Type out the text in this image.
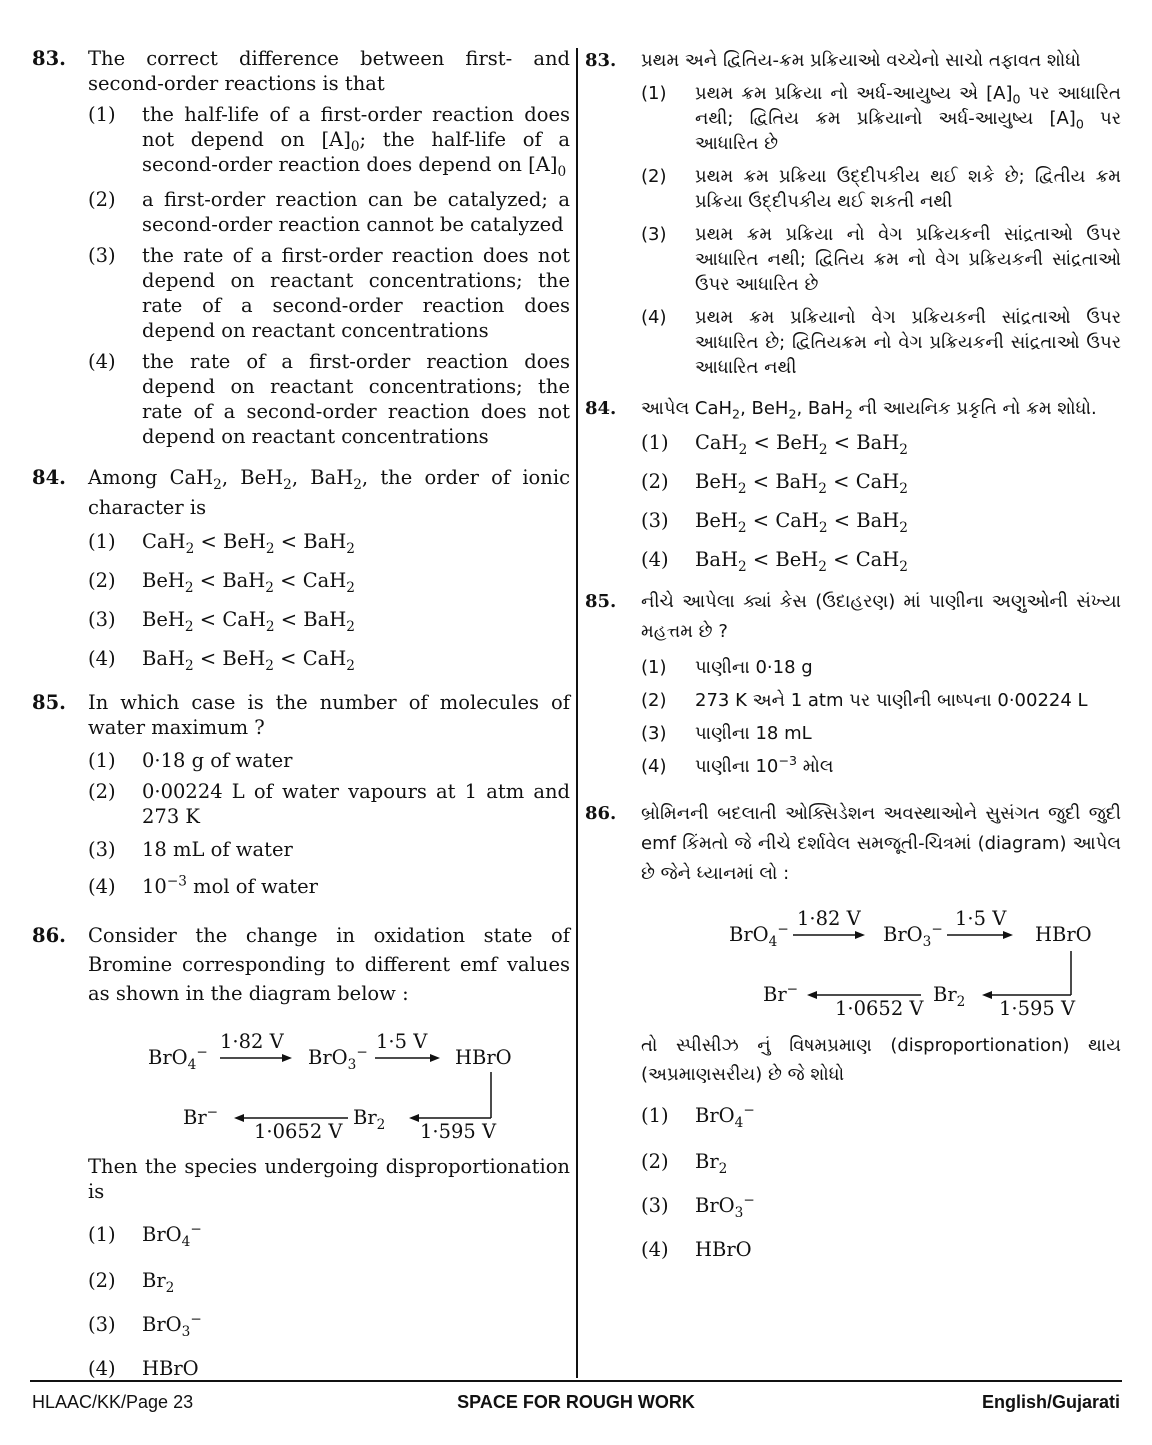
83. The correct difference between first- and second-order reactions is that
(1) the half-life of a first-order reaction does not depend on $[A]_0$; the half-life of a second-order reaction does depend on $[A]_0$
(2) a first-order reaction can be catalyzed; a second-order reaction cannot be catalyzed
(3) the rate of a first-order reaction does not depend on reactant concentrations; the rate of a second-order reaction does depend on reactant concentrations
(4) the rate of a first-order reaction does depend on reactant concentrations; the rate of a second-order reaction does not depend on reactant concentrations
84. Among CaH$_2$, BeH$_2$, BaH$_2$, the order of ionic character is
(1) CaH$_2$ < BeH$_2$ < BaH$_2$
(2) BeH$_2$ < BaH$_2$ < CaH$_2$
(3) BeH$_2$ < CaH$_2$ < BaH$_2$
(4) BaH$_2$ < BeH$_2$ < CaH$_2$
85. In which case is the number of molecules of water maximum ?
(1) 0·18 g of water
(2) 0·00224 L of water vapours at 1 atm and 273 K
(3) 18 mL of water
(4) $10^{-3}$ mol of water
86. Consider the change in oxidation state of Bromine corresponding to different emf values as shown in the diagram below :
BrO$_4$− 1·82 V
BrO$_3$− 1·5 V
HBrO
Br−
1·0652 V
$Br_2$ 1·595 V
Then the species undergoing disproportionation is
(1) BrO$_4$−
(2) $Br_2$
(3) BrO$_3$−
(4) HBrO
83. પ્રથમ અને દ્વિતિય-ક્રમ પ્રક્રિયાઓ વચ્ચેનો સાચો તફાવત શોધો
(1) પ્રથમ ક્રમ પ્રક્રિયા નો અર્ધ-આયુષ્ય એ $[A]_0$ પર આધારિત નથી; દ્વિતિય ક્રમ પ્રક્રિયાનો અર્ધ-આયુષ્ય $[A]_0$ પર આધારિત છે
(2) પ્રથમ ક્રમ પ્રક્રિયા ઉદ્દીપકીય થઈ શકે છે; દ્વિતીય ક્રમ પ્રક્રિયા ઉદ્દીપકીય થઈ શકતી નથી
(3) પ્રથમ ક્રમ પ્રક્રિયા નો વેગ પ્રક્રિયકની સાંદ્રતાઓ ઉપર આધારિત નથી; દ્વિતિય ક્રમ નો વેગ પ્રક્રિયકની સાંદ્રતાઓ ઉપર આધારિત છે
(4) પ્રથમ ક્રમ પ્રક્રિયાનો વેગ પ્રક્રિયકની સાંદ્રતાઓ ઉપર આધારિત છે; દ્વિતિયક્રમ નો વેગ પ્રક્રિયકની સાંદ્રતાઓ ઉપર આધારિત નથી
84. આપેલ CaH$_2$, BeH$_2$, BaH$_2$ ની આયનિક પ્રકૃતિ નો ક્રમ શોધો.
(1) CaH$_2$ < BeH$_2$ < BaH$_2$
(2) BeH$_2$ < BaH$_2$ < CaH$_2$
(3) BeH$_2$ < CaH$_2$ < BaH$_2$
(4) BaH$_2$ < BeH$_2$ < CaH$_2$
85. નીચે આપેલા ક્યાં કેસ (ઉદાહરણ) માં પાણીના અણુઓની સંખ્યા મહત્તમ છે ?
(1) પાણીના 0·18 g
(2) 273 K અને 1 atm પર પાણીની બાષ્પના 0·00224 L
(3) પાણીના 18 mL
(4) પાણીના $10^{-3}$ મોલ
86. બ્રોમિનની બદલાતી ઓક્સિડેશન અવસ્થાઓને સુસંગત જુદી જુદી emf કિંમતો જે નીચે દર્શાવેલ સમજૂતી-ચિત્રમાં (diagram) આપેલ છે જેને ધ્યાનમાં લો :
BrO$_4$− 1·82 V
BrO$_3$− 1·5 V
HBrO
Br−
1·0652 V
$Br_2$ 1·595 V
તો સ્પીસીઝ નું વિષમપ્રમાણ (disproportionation) થાય (અપ્રમાણસરીય) છે જે શોધો
(1) BrO$_4$−
(2) $Br_2$
(3) BrO$_3$−
(4) HBrO
HLAAC/KK/Page 23	SPACE FOR ROUGH WORK	English/Gujarati
